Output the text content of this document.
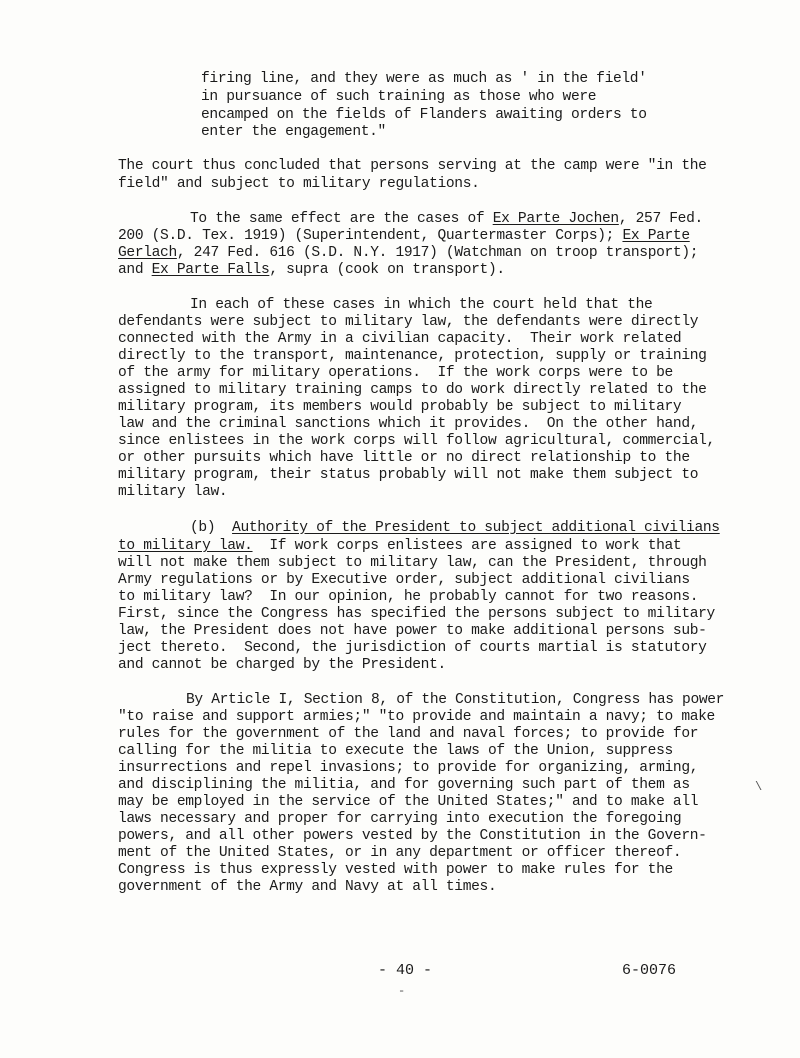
firing line, and they were as much as ' in the field'
in pursuance of such training as those who were
encamped on the fields of Flanders awaiting orders to
enter the engagement."
The court thus concluded that persons serving at the camp were "in the
field" and subject to military regulations.
To the same effect are the cases of Ex Parte Jochen, 257 Fed.
200 (S.D. Tex. 1919) (Superintendent, Quartermaster Corps); Ex Parte
Gerlach, 247 Fed. 616 (S.D. N.Y. 1917) (Watchman on troop transport);
and Ex Parte Falls, supra (cook on transport).
In each of these cases in which the court held that the
defendants were subject to military law, the defendants were directly
connected with the Army in a civilian capacity.  Their work related
directly to the transport, maintenance, protection, supply or training
of the army for military operations.  If the work corps were to be
assigned to military training camps to do work directly related to the
military program, its members would probably be subject to military
law and the criminal sanctions which it provides.  On the other hand,
since enlistees in the work corps will follow agricultural, commercial,
or other pursuits which have little or no direct relationship to the
military program, their status probably will not make them subject to
military law.
(b)  Authority of the President to subject additional civilians
to military law.  If work corps enlistees are assigned to work that
will not make them subject to military law, can the President, through
Army regulations or by Executive order, subject additional civilians
to military law?  In our opinion, he probably cannot for two reasons.
First, since the Congress has specified the persons subject to military
law, the President does not have power to make additional persons sub-
ject thereto.  Second, the jurisdiction of courts martial is statutory
and cannot be charged by the President.
By Article I, Section 8, of the Constitution, Congress has power
"to raise and support armies;" "to provide and maintain a navy; to make
rules for the government of the land and naval forces; to provide for
calling for the militia to execute the laws of the Union, suppress
insurrections and repel invasions; to provide for organizing, arming,
and disciplining the militia, and for governing such part of them as
may be employed in the service of the United States;" and to make all
laws necessary and proper for carrying into execution the foregoing
powers, and all other powers vested by the Constitution in the Govern-
ment of the United States, or in any department or officer thereof.
Congress is thus expressly vested with power to make rules for the
government of the Army and Navy at all times.
- 40 -	6-0076
\
-
